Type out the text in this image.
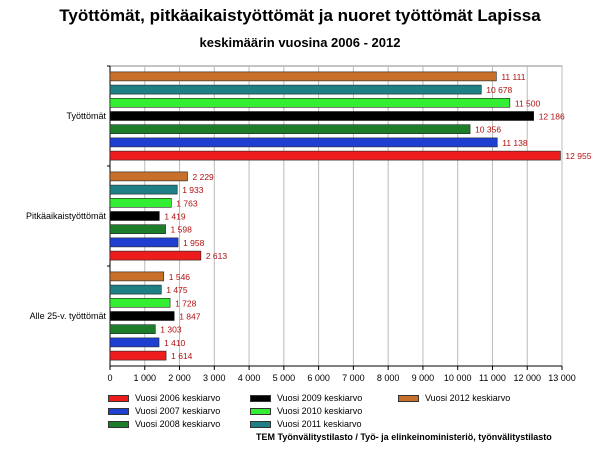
Työttömät, pitkäaikaistyöttömät ja nuoret työttömät Lapissa
keskimäärin vuosina 2006 - 2012
0 1 000 2 000 3 000 4 000 5 000 6 000 7 000 8 000 9 000 10 000 11 000 12 000 13 000
Työttömät
12 955
11 138
10 356
12 186
11 500
10 678
11 111
Pitkäaikaistyöttömät
2 613
1 958
1 598
1 419
1 763
1 933
2 229
Alle 25-v. työttömät
1 614
1 410
1 303
1 847
1 728
1 475
1 546
Vuosi 2006 keskiarvo	Vuosi 2009 keskiarvo	Vuosi 2012 keskiarvo
Vuosi 2007 keskiarvo	Vuosi 2010 keskiarvo
Vuosi 2008 keskiarvo	Vuosi 2011 keskiarvo
TEM Työnvälitystilasto / Työ- ja elinkeinoministeriö, työnvälitystilasto
